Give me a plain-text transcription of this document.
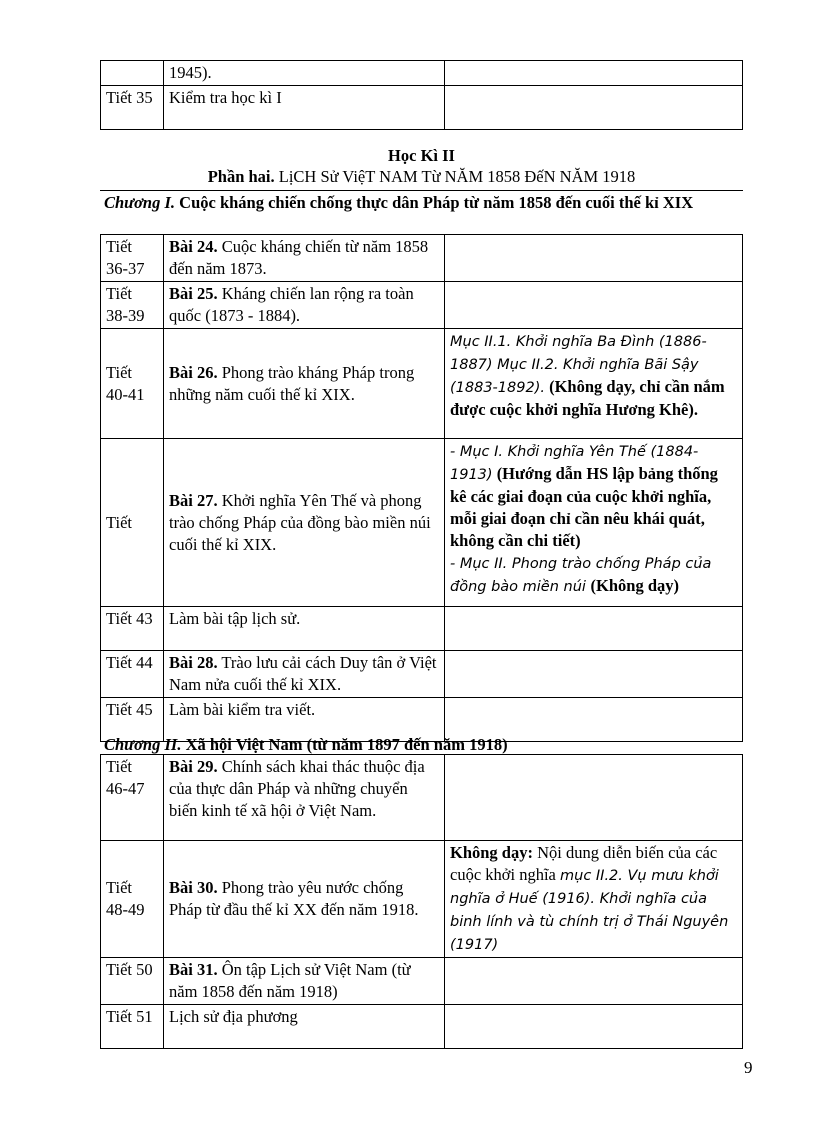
	1945).	
Tiết 35	Kiểm tra học kì I	
Học Kì II
Phần hai. LịCH Sử ViệT NAM Từ NĂM 1858 ĐếN NĂM 1918
Chương I. Cuộc kháng chiến chống thực dân Pháp từ năm 1858 đến cuối thế kỉ XIX
Tiết 36-37	Bài 24. Cuộc kháng chiến từ năm 1858 đến năm 1873.	
Tiết 38-39	Bài 25. Kháng chiến lan rộng ra toàn quốc (1873 - 1884).	
Tiết 40-41	Bài 26. Phong trào kháng Pháp trong những năm cuối thế kỉ XIX.	Mục II.1. Khởi nghĩa Ba Đình (1886-1887) Mục II.2. Khởi nghĩa Bãi Sậy (1883-1892). (Không dạy, chỉ cần nắm được cuộc khởi nghĩa Hương Khê).
Tiết	Bài 27. Khởi nghĩa Yên Thế và phong trào chống Pháp của đồng bào miền núi cuối thế kỉ XIX.	- Mục I. Khởi nghĩa Yên Thế (1884-1913) (Hướng dẫn HS lập bảng thống kê các giai đoạn của cuộc khởi nghĩa, mỗi giai đoạn chỉ cần nêu khái quát, không cần chi tiết)
- Mục II. Phong trào chống Pháp của đồng bào miền núi (Không dạy)
Tiết 43	Làm bài tập lịch sử.	
Tiết 44	Bài 28. Trào lưu cải cách Duy tân ở Việt Nam nửa cuối thế kỉ XIX.	
Tiết 45	Làm bài kiểm tra viết.	
Chương II. Xã hội Việt Nam (từ năm 1897 đến năm 1918)
Tiết 46-47	Bài 29. Chính sách khai thác thuộc địa của thực dân Pháp và những chuyển biến kinh tế xã hội ở Việt Nam.	
Tiết 48-49	Bài 30. Phong trào yêu nước chống Pháp từ đầu thế kỉ XX đến năm 1918.	Không dạy: Nội dung diễn biến của các cuộc khởi nghĩa mục II.2. Vụ mưu khởi nghĩa ở Huế (1916). Khởi nghĩa của binh lính và tù chính trị ở Thái Nguyên (1917)
Tiết 50	Bài 31. Ôn tập Lịch sử Việt Nam (từ năm 1858 đến năm 1918)	
Tiết 51	Lịch sử địa phương	
9
